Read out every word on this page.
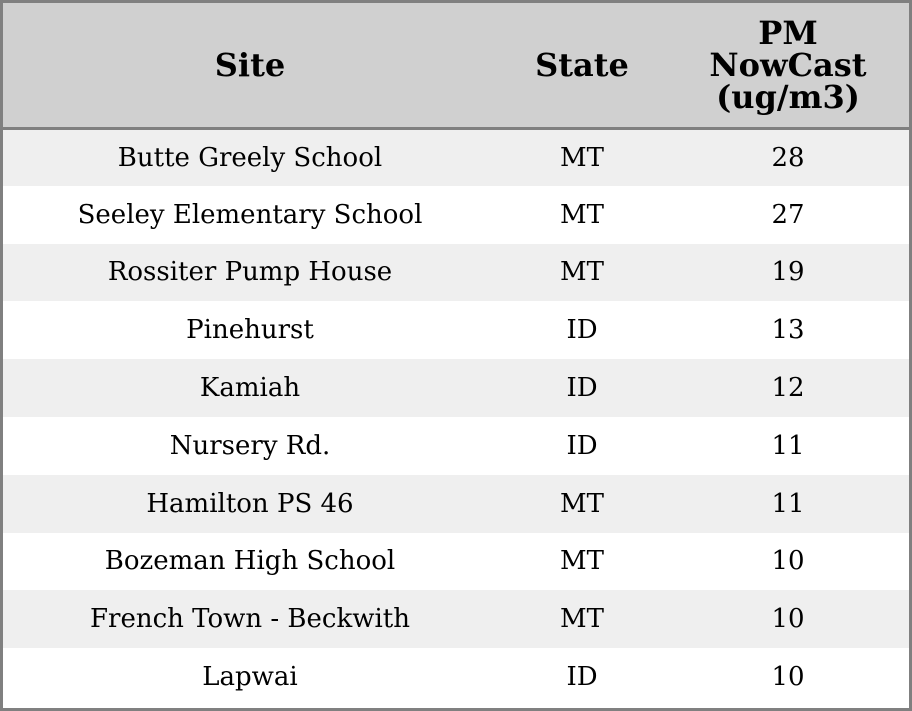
Site	State	PM
NowCast
(ug/m3)

Butte Greely School	MT	28
Seeley Elementary School	MT	27
Rossiter Pump House	MT	19
Pinehurst	ID	13
Kamiah	ID	12
Nursery Rd.	ID	11
Hamilton PS 46	MT	11
Bozeman High School	MT	10
French Town - Beckwith	MT	10
Lapwai	ID	10
